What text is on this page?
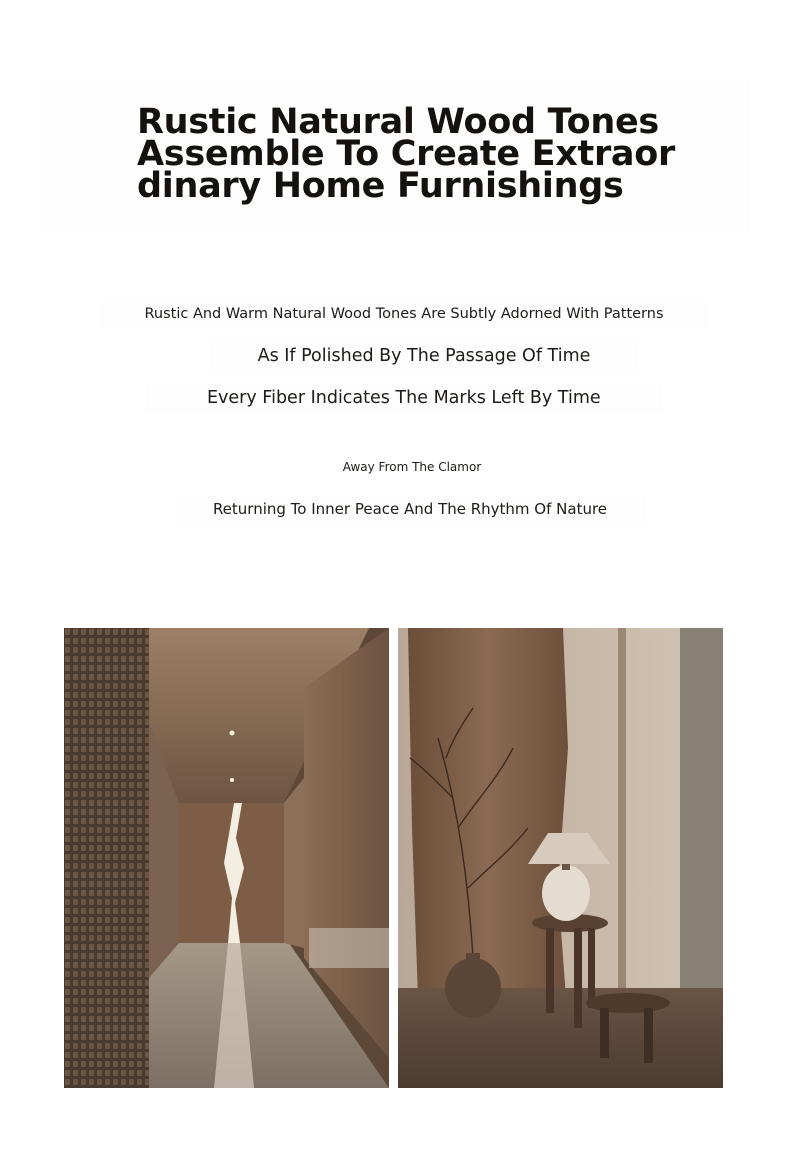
Rustic Natural Wood Tones
Assemble To Create Extraor
dinary Home Furnishings

Rustic And Warm Natural Wood Tones Are Subtly Adorned With Patterns

As If Polished By The Passage Of Time

Every Fiber Indicates The Marks Left By Time

Away From The Clamor

Returning To Inner Peace And The Rhythm Of Nature
